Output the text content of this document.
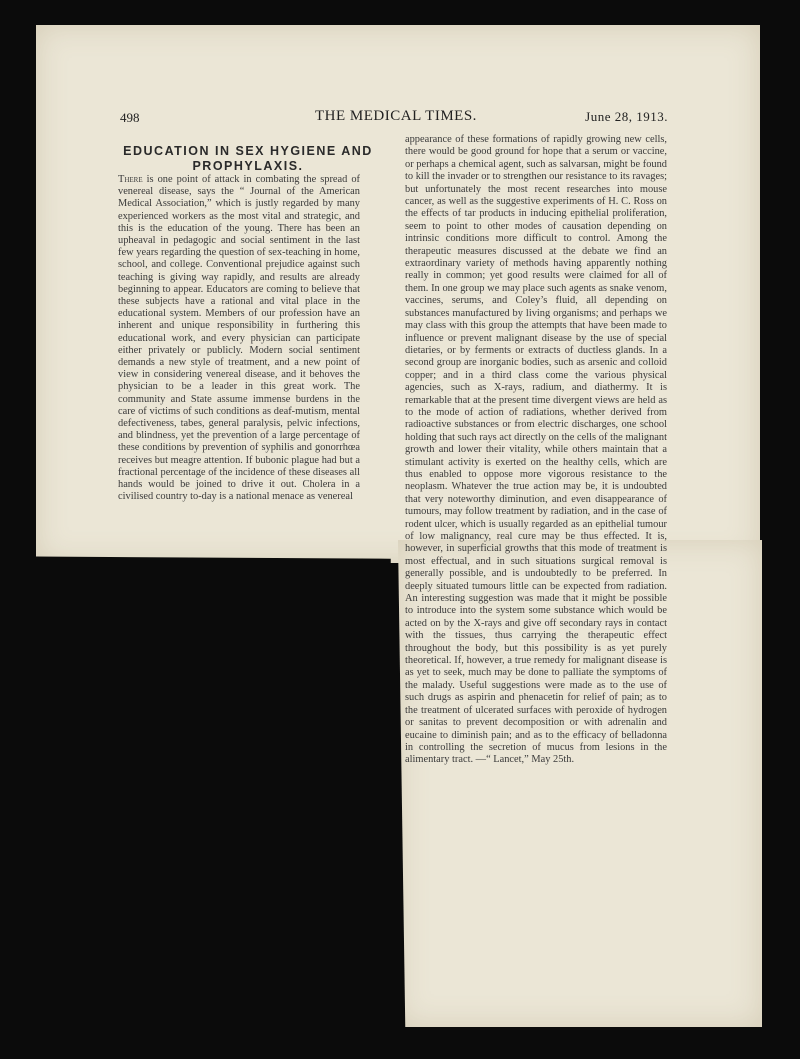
498	THE MEDICAL TIMES.	June 28, 1913.
EDUCATION IN SEX HYGIENE AND
PROPHYLAXIS.

There is one point of attack in combating the spread of venereal disease, says the “ Journal of the American Medical Association,” which is justly regarded by many experienced workers as the most vital and strategic, and this is the education of the young. There has been an upheaval in pedagogic and social sentiment in the last few years regarding the question of sex-teaching in home, school, and college. Conventional prejudice against such teaching is giving way rapidly, and results are already beginning to appear. Educators are coming to believe that these subjects have a rational and vital place in the educational system. Members of our profession have an inherent and unique responsibility in furthering this educational work, and every physician can participate either privately or publicly. Modern social sentiment demands a new style of treatment, and a new point of view in considering venereal disease, and it behoves the physician to be a leader in this great work. The community and State assume immense burdens in the care of victims of such conditions as deaf-mutism, mental defectiveness, tabes, general paralysis, pelvic infections, and blindness, yet the prevention of a large percentage of these conditions by prevention of syphilis and gonorrhœa receives but meagre attention. If bubonic plague had but a fractional percentage of the incidence of these diseases all hands would be joined to drive it out. Cholera in a civilised country to-day is a national menace as venereal

appearance of these formations of rapidly growing new cells, there would be good ground for hope that a serum or vaccine, or perhaps a chemical agent, such as salvarsan, might be found to kill the invader or to strengthen our resistance to its ravages; but unfortunately the most recent researches into mouse cancer, as well as the suggestive experiments of H. C. Ross on the effects of tar products in inducing epithelial proliferation, seem to point to other modes of causation depending on intrinsic conditions more difficult to control. Among the therapeutic measures discussed at the debate we find an extraordinary variety of methods having apparently nothing really in common; yet good results were claimed for all of them. In one group we may place such agents as snake venom, vaccines, serums, and Coley’s fluid, all depending on substances manufactured by living organisms; and perhaps we may class with this group the attempts that have been made to influence or prevent malignant disease by the use of special dietaries, or by ferments or extracts of ductless glands. In a second group are inorganic bodies, such as arsenic and colloid copper; and in a third class come the various physical agencies, such as X-rays, radium, and diathermy. It is remarkable that at the present time divergent views are held as to the mode of action of radiations, whether derived from radioactive substances or from electric discharges, one school holding that such rays act directly on the cells of the malignant growth and lower their vitality, while others maintain that a stimulant activity is exerted on the healthy cells, which are thus enabled to oppose more vigorous resistance to the neoplasm. Whatever the true action may be, it is undoubted that very noteworthy diminution, and even disappearance of tumours, may follow treatment by radiation, and in the case of rodent ulcer, which is usually regarded as an epithelial tumour of low malignancy, real cure may be thus effected. It is, however, in superficial growths that this mode of treatment is most effectual, and in such situations surgical removal is generally possible, and is undoubtedly to be preferred. In deeply situated tumours little can be expected from radiation. An interesting suggestion was made that it might be possible to introduce into the system some substance which would be acted on by the X-rays and give off secondary rays in contact with the tissues, thus carrying the therapeutic effect throughout the body, but this possibility is as yet purely theoretical. If, however, a true remedy for malignant disease is as yet to seek, much may be done to palliate the symptoms of the malady. Useful suggestions were made as to the use of such drugs as aspirin and phenacetin for relief of pain; as to the treatment of ulcerated surfaces with peroxide of hydrogen or sanitas to prevent decomposition or with adrenalin and eucaine to diminish pain; and as to the efficacy of belladonna in controlling the secretion of mucus from lesions in the alimentary tract. —“ Lancet,” May 25th.
